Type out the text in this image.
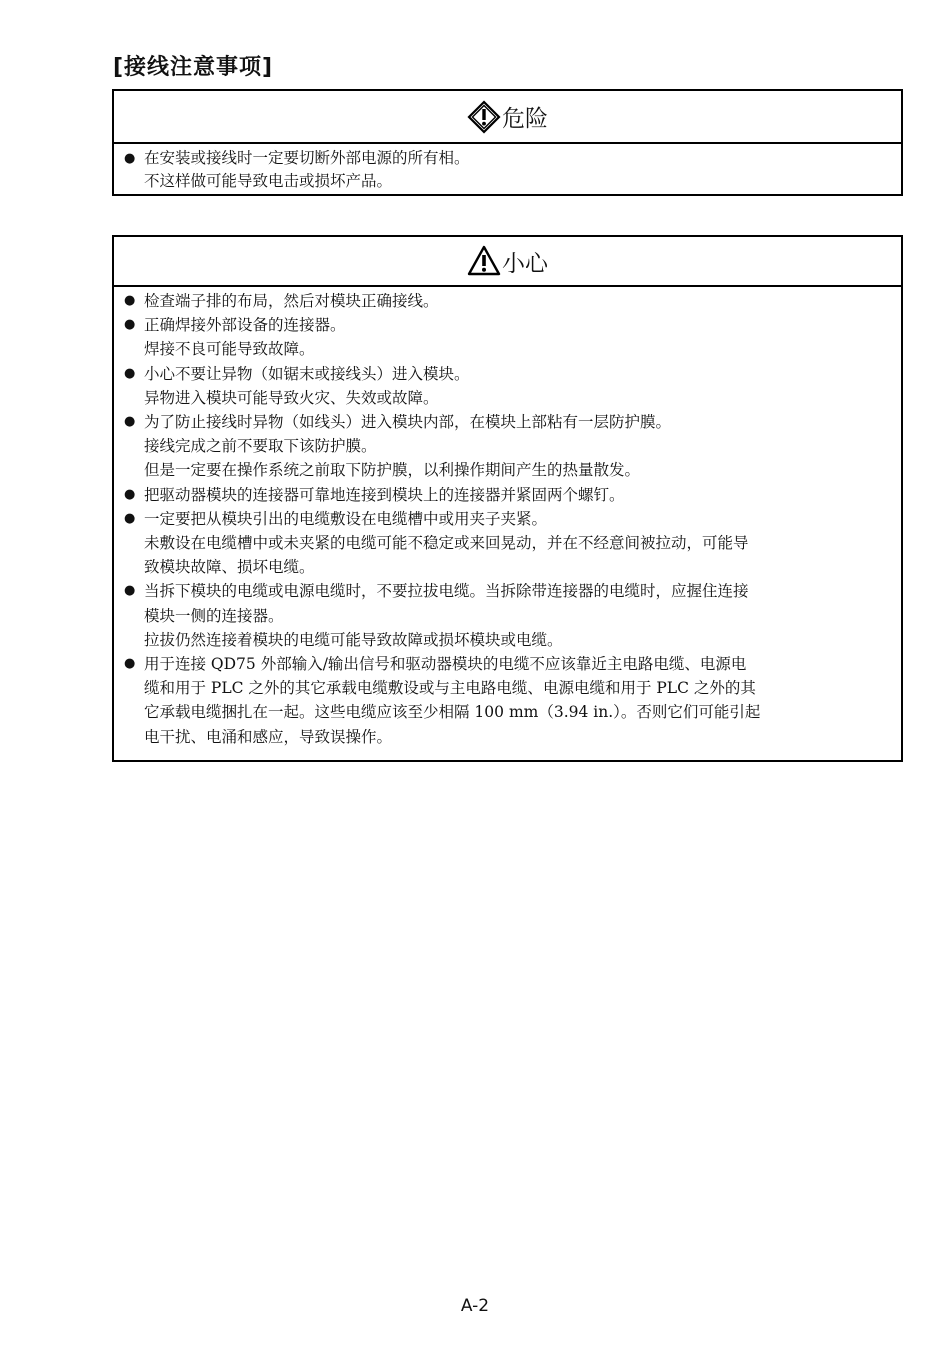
[接线注意事项]
危险
● 在安装或接线时一定要切断外部电源的所有相。
不这样做可能导致电击或损坏产品。
小心
● 检查端子排的布局，然后对模块正确接线。
● 正确焊接外部设备的连接器。
焊接不良可能导致故障。
● 小心不要让异物（如锯末或接线头）进入模块。
异物进入模块可能导致火灾、失效或故障。
● 为了防止接线时异物（如线头）进入模块内部，在模块上部粘有一层防护膜。
接线完成之前不要取下该防护膜。
但是一定要在操作系统之前取下防护膜，以利操作期间产生的热量散发。
● 把驱动器模块的连接器可靠地连接到模块上的连接器并紧固两个螺钉。
● 一定要把从模块引出的电缆敷设在电缆槽中或用夹子夹紧。
未敷设在电缆槽中或未夹紧的电缆可能不稳定或来回晃动，并在不经意间被拉动，可能导
致模块故障、损坏电缆。
● 当拆下模块的电缆或电源电缆时，不要拉拔电缆。当拆除带连接器的电缆时，应握住连接
模块一侧的连接器。
拉拔仍然连接着模块的电缆可能导致故障或损坏模块或电缆。
● 用于连接 QD75 外部输入/输出信号和驱动器模块的电缆不应该靠近主电路电缆、电源电
缆和用于 PLC 之外的其它承载电缆敷设或与主电路电缆、电源电缆和用于 PLC 之外的其
它承载电缆捆扎在一起。这些电缆应该至少相隔 100 mm（3.94 in.）。否则它们可能引起
电干扰、电涌和感应，导致误操作。
A-2
